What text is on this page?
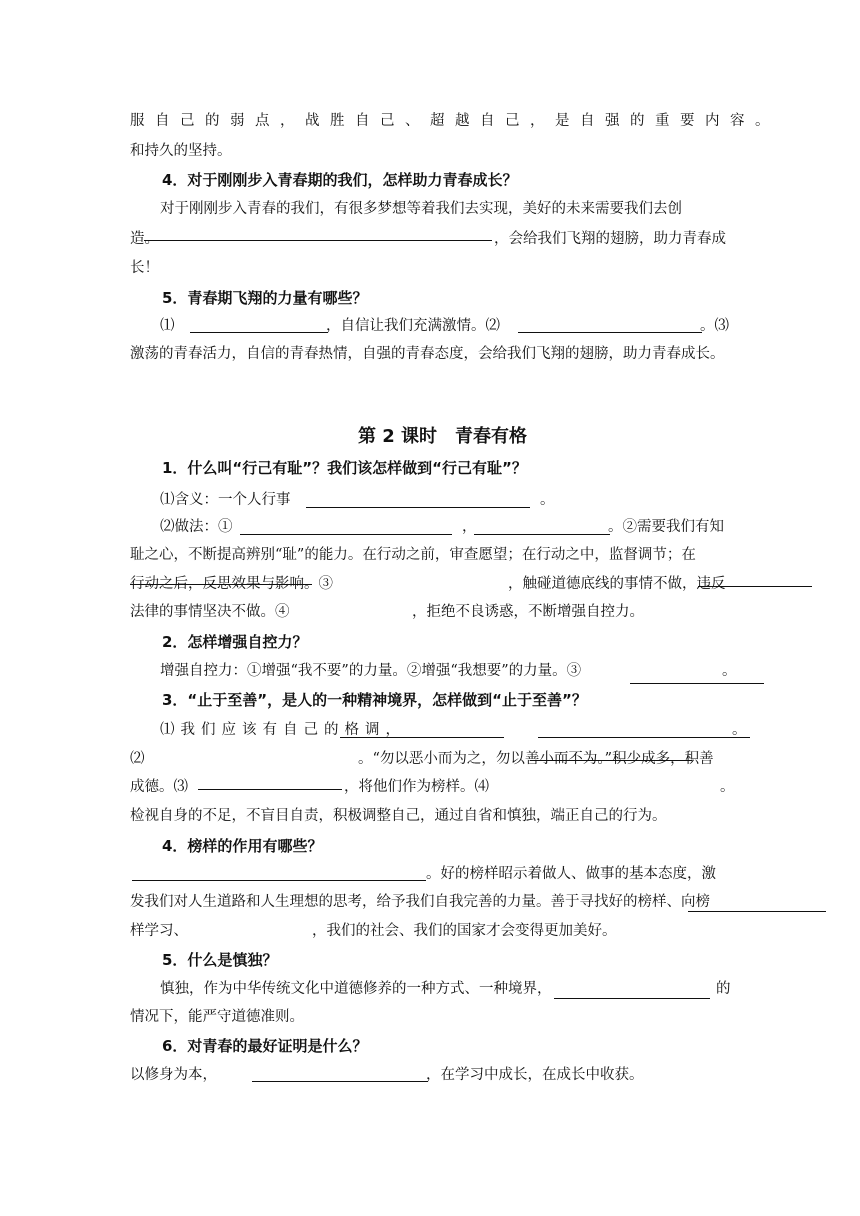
服自己的弱点，战胜自己、超越自己，是自强的重要内容。
和持久的坚持。
4．对于刚刚步入青春期的我们，怎样助力青春成长？
对于刚刚步入青春的我们，有很多梦想等着我们去实现，美好的未来需要我们去创
造。	，会给我们飞翔的翅膀，助力青春成
长！
5．青春期飞翔的力量有哪些？
⑴	，自信让我们充满激情。⑵	。⑶
激荡的青春活力，自信的青春热情，自强的青春态度，会给我们飞翔的翅膀，助力青春成长。
第 2 课时　青春有格
1．什么叫“行己有耻”？我们该怎样做到“行己有耻”？
⑴含义：一个人行事	。
⑵做法：①	，	。②需要我们有知
耻之心，不断提高辨别“耻”的能力。在行动之前，审查愿望；在行动之中，监督调节；在
行动之后，反思效果与影响。③	，触碰道德底线的事情不做，违反
法律的事情坚决不做。④	，拒绝不良诱惑，不断增强自控力。
2．怎样增强自控力？
增强自控力：①增强“我不要”的力量。②增强“我想要”的力量。③	。
3．“止于至善”，是人的一种精神境界，怎样做到“止于至善”？
⑴我们应该有自己的格调，	。
⑵	。“勿以恶小而为之，勿以善小而不为。”积少成多，积善
成德。⑶	，将他们作为榜样。⑷	。
检视自身的不足，不盲目自责，积极调整自己，通过自省和慎独，端正自己的行为。
4．榜样的作用有哪些？
。好的榜样昭示着做人、做事的基本态度，激
发我们对人生道路和人生理想的思考，给予我们自我完善的力量。善于寻找好的榜样、向榜
样学习、	，我们的社会、我们的国家才会变得更加美好。
5．什么是慎独？
慎独，作为中华传统文化中道德修养的一种方式、一种境界，	的
情况下，能严守道德准则。
6．对青春的最好证明是什么？
以修身为本，	，在学习中成长，在成长中收获。
